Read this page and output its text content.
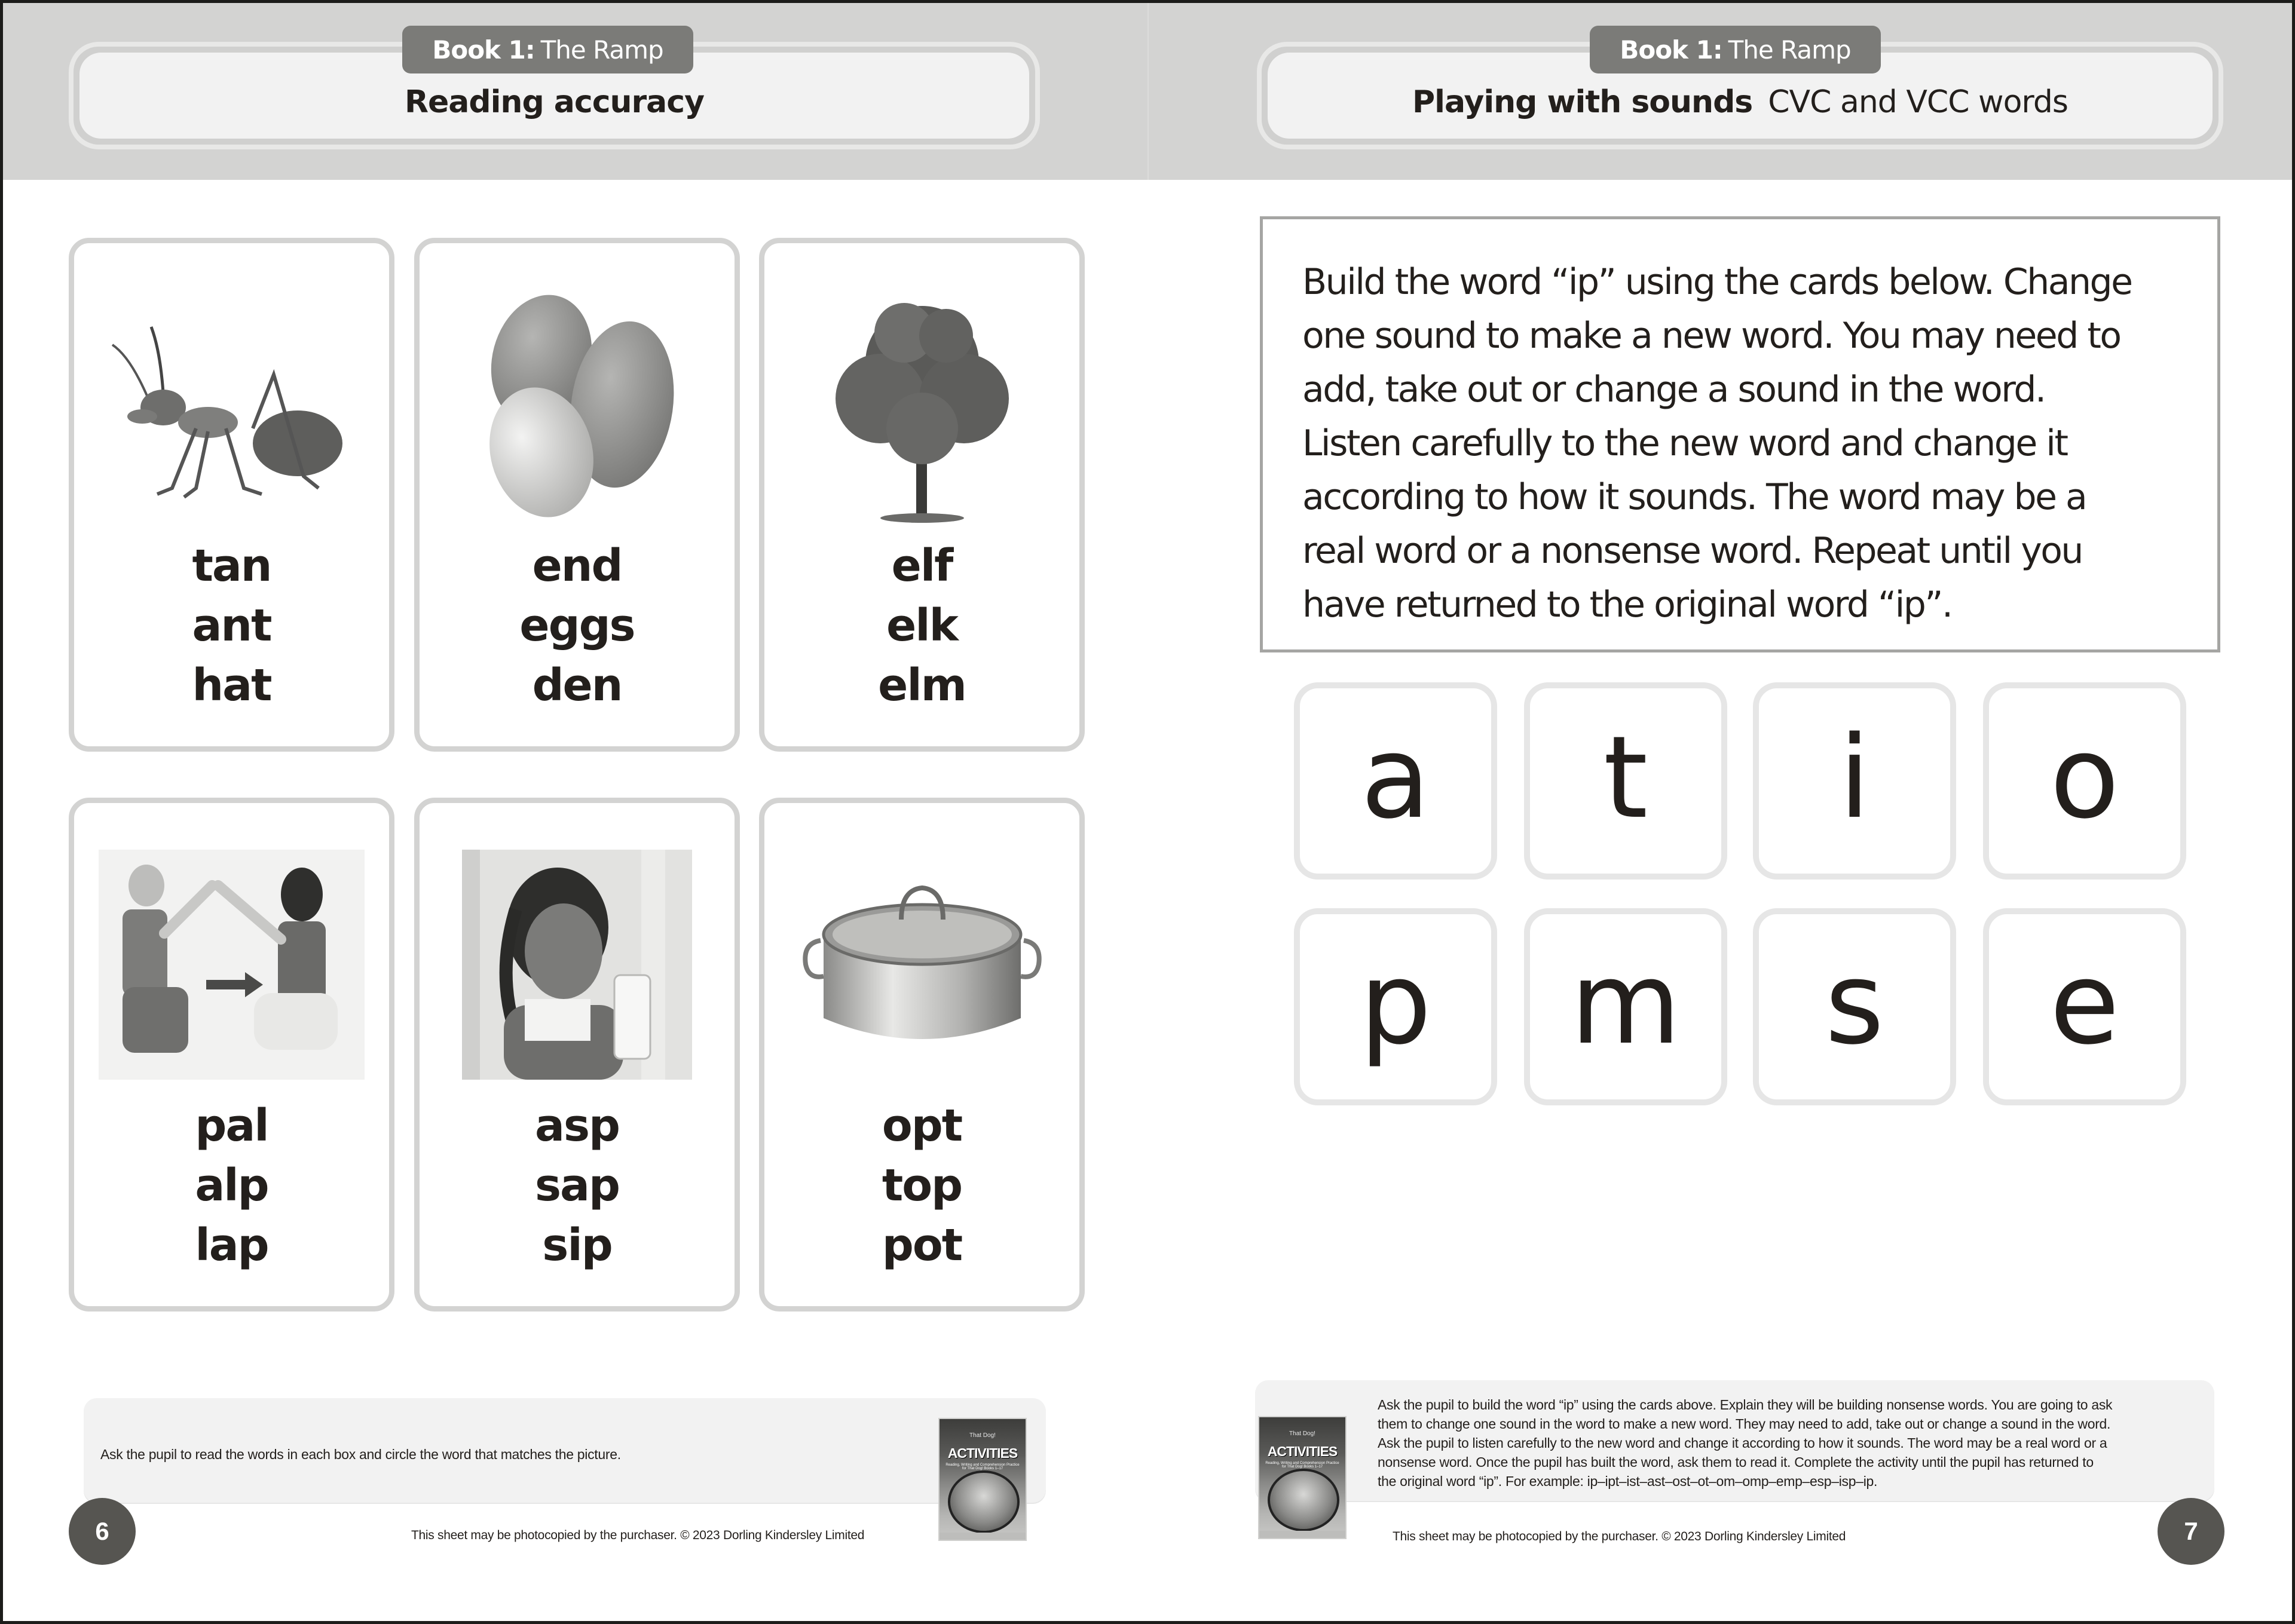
Book 1: The Ramp
Reading accuracy
Book 1: The Ramp
Playing with sounds CVC and VCC words
tan
ant
hat
end
eggs
den
elf
elk
elm
pal
alp
lap
asp
sap
sip
opt
top
pot
Ask the pupil to read the words in each box and circle the word that matches the picture.
That Dog!
ACTIVITIES
Reading, Writing and Comprehension Practice for That Dog! Books 1–17
6	This sheet may be photocopied by the purchaser. © 2023 Dorling Kindersley Limited
Build the word “ip” using the cards below. Change
one sound to make a new word. You may need to
add, take out or change a sound in the word.
Listen carefully to the new word and change it
according to how it sounds. The word may be a
real word or a nonsense word. Repeat until you
have returned to the original word “ip”.
a t i o
p m s e
Ask the pupil to build the word “ip” using the cards above. Explain they will be building nonsense words. You are going to ask
them to change one sound in the word to make a new word. They may need to add, take out or change a sound in the word.
Ask the pupil to listen carefully to the new word and change it according to how it sounds. The word may be a real word or a
nonsense word. Once the pupil has built the word, ask them to read it. Complete the activity until the pupil has returned to
the original word “ip”. For example: ip–ipt–ist–ast–ost–ot–om–omp–emp–esp–isp–ip.
That Dog!
ACTIVITIES
Reading, Writing and Comprehension Practice for That Dog! Books 1–17
7
This sheet may be photocopied by the purchaser. © 2023 Dorling Kindersley Limited
